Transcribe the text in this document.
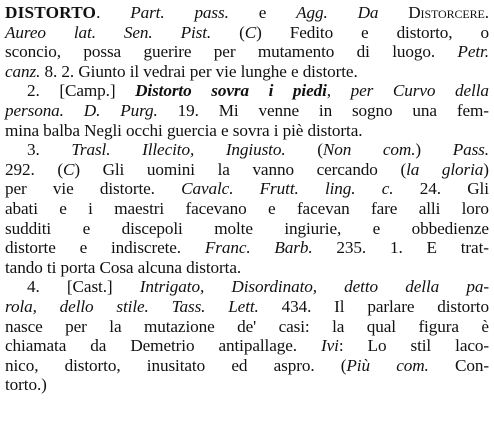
DISTORTO. Part. pass. e Agg. Da Distorcere.
Aureo lat. Sen. Pist. (C) Fedito e distorto, o
sconcio, possa guerire per mutamento di luogo. Petr.
canz. 8. 2. Giunto il vedrai per vie lunghe e distorte.
2. [Camp.] Distorto sovra i piedi, per Curvo della
persona. D. Purg. 19. Mi venne in sogno una fem-
mina balba Negli occhi guercia e sovra i piè distorta.
3. Trasl. Illecito, Ingiusto. (Non com.) Pass.
292. (C) Gli uomini la vanno cercando (la gloria)
per vie distorte. Cavalc. Frutt. ling. c. 24. Gli
abati e i maestri facevano e facevan fare alli loro
sudditi e discepoli molte ingiurie, e obbedienze
distorte e indiscrete. Franc. Barb. 235. 1. E trat-
tando ti porta Cosa alcuna distorta.
4. [Cast.] Intrigato, Disordinato, detto della pa-
rola, dello stile. Tass. Lett. 434. Il parlare distorto
nasce per la mutazione de' casi: la qual figura è
chiamata da Demetrio antipallage. Ivi: Lo stil laco-
nico, distorto, inusitato ed aspro. (Più com. Con-
torto.)
